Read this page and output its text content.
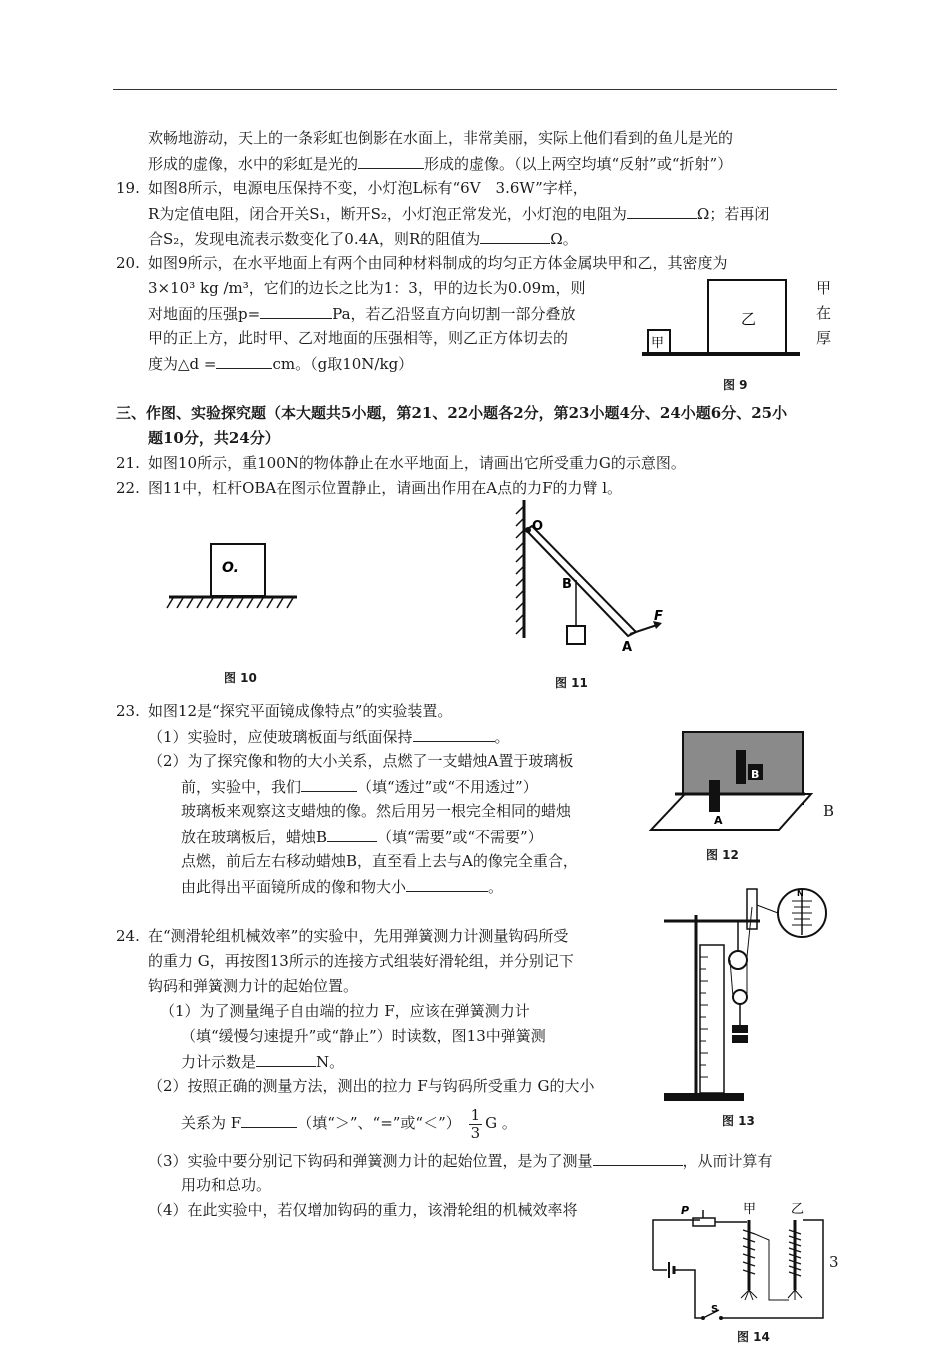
欢畅地游动，天上的一条彩虹也倒影在水面上，非常美丽，实际上他们看到的鱼儿是光的
形成的虚像，水中的彩虹是光的	形成的虚像。（以上两空均填“反射”或“折射”）
19. 如图8所示，电源电压保持不变，小灯泡L标有“6V　3.6W”字样，
R为定值电阻，闭合开关S₁，断开S₂，小灯泡正常发光，小灯泡的电阻为	Ω；若再闭
合S₂，发现电流表示数变化了0.4A，则R的阻值为	Ω。
20. 如图9所示，在水平地面上有两个由同种材料制成的均匀正方体金属块甲和乙，其密度为
3×10³ kg /m³，它们的边长之比为1：3，甲的边长为0.09m，则	甲
对地面的压强p=	Pa，若乙沿竖直方向切割一部分叠放	在
甲的正上方，此时甲、乙对地面的压强相等，则乙正方体切去的	厚
度为△d =	cm。（g取10N/kg）
乙
甲
图 9
三、作图、实验探究题（本大题共5小题，第21、22小题各2分，第23小题4分、24小题6分、25小
题10分，共24分）
21. 如图10所示，重100N的物体静止在水平地面上，请画出它所受重力G的示意图。
22. 图11中，杠杆OBA在图示位置静止，请画出作用在A点的力F的力臂 l。
O.
图 10
O
B
F
A
图 11
23. 如图12是“探究平面镜成像特点”的实验装置。
（1）实验时，应使玻璃板面与纸面保持	。
（2）为了探究像和物的大小关系，点燃了一支蜡烛A置于玻璃板
前，实验中，我们	（填“透过”或“不用透过”）
玻璃板来观察这支蜡烛的像。然后用另一根完全相同的蜡烛	B
放在玻璃板后，蜡烛B	（填“需要”或“不需要”）
点燃，前后左右移动蜡烛B，直至看上去与A的像完全重合，
由此得出平面镜所成的像和物大小	。
B
A
图 12
24. 在“测滑轮组机械效率”的实验中，先用弹簧测力计测量钩码所受
的重力 G，再按图13所示的连接方式组装好滑轮组，并分别记下
钩码和弹簧测力计的起始位置。
（1）为了测量绳子自由端的拉力 F，应该在弹簧测力计
（填“缓慢匀速提升”或“静止”）时读数，图13中弹簧测
力计示数是	N。
（2）按照正确的测量方法，测出的拉力 F与钩码所受重力 G的大小
关系为 F	（填“＞”、“=”或“＜”） $\frac{1}{3}$ G 。
（3）实验中要分别记下钩码和弹簧测力计的起始位置，是为了测量	，从而计算有
用功和总功。
（4）在此实验中，若仅增加钩码的重力，该滑轮组的机械效率将
N
图 13
P	甲	乙
S
图 14
3
